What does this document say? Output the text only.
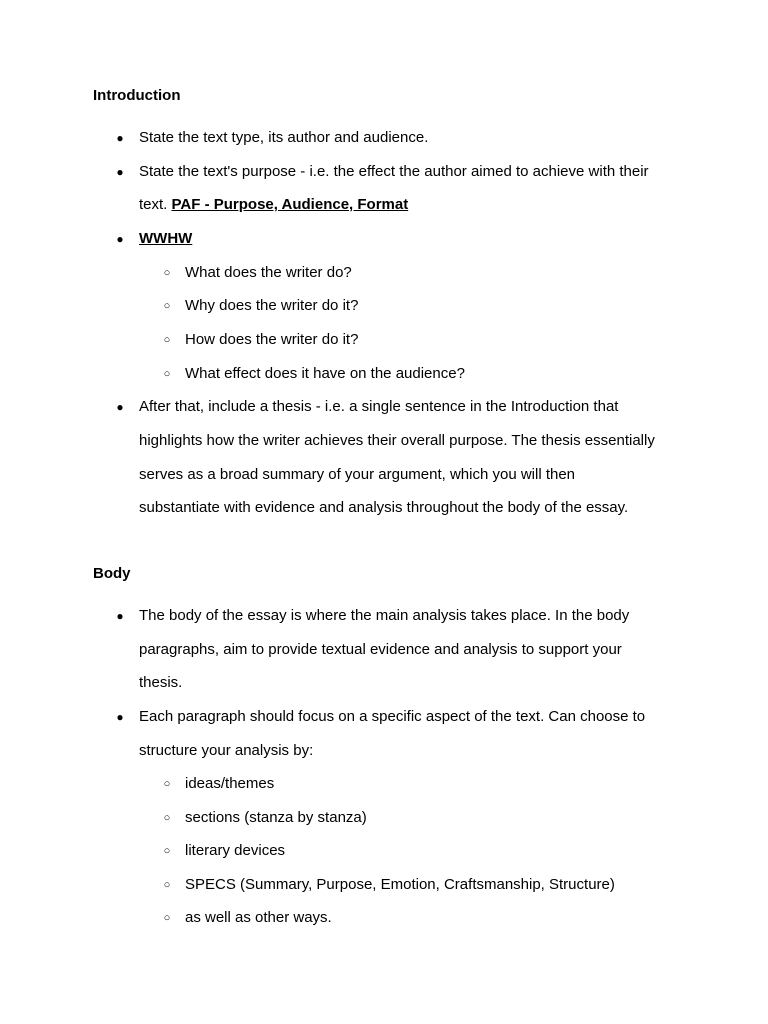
Introduction
●
State the text type, its author and audience.
●
State the text's purpose - i.e. the effect the author aimed to achieve with their
text. PAF - Purpose, Audience, Format
●
WWHW
○
What does the writer do?
○
Why does the writer do it?
○
How does the writer do it?
○
What effect does it have on the audience?
●
After that, include a thesis - i.e. a single sentence in the Introduction that
highlights how the writer achieves their overall purpose. The thesis essentially
serves as a broad summary of your argument, which you will then
substantiate with evidence and analysis throughout the body of the essay.
Body
●
The body of the essay is where the main analysis takes place. In the body
paragraphs, aim to provide textual evidence and analysis to support your
thesis.
●
Each paragraph should focus on a specific aspect of the text. Can choose to
structure your analysis by:
○
ideas/themes
○
sections (stanza by stanza)
○
literary devices
○
SPECS (Summary, Purpose, Emotion, Craftsmanship, Structure)
○
as well as other ways.
